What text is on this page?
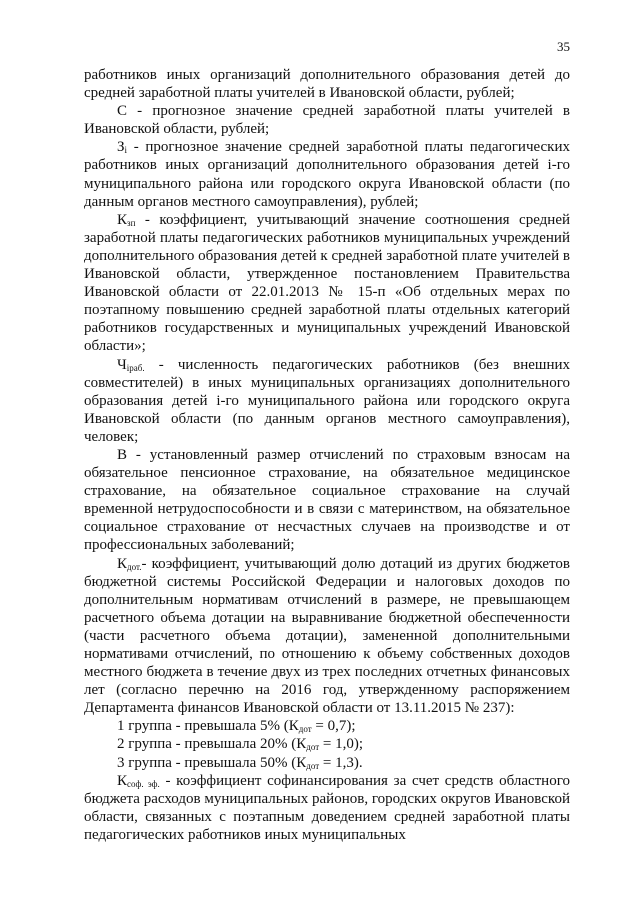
35

работников иных организаций дополнительного образования детей до средней заработной платы учителей в Ивановской области, рублей;

С - прогнозное значение средней заработной платы учителей в Ивановской области, рублей;

$З_i$ - прогнозное значение средней заработной платы педагогических работников иных организаций дополнительного образования детей i-го муниципального района или городского округа Ивановской области (по данным органов местного самоуправления), рублей;

$К_{зп}$ - коэффициент, учитывающий значение соотношения средней заработной платы педагогических работников муниципальных учреждений дополнительного образования детей к средней заработной плате учителей в Ивановской области, утвержденное постановлением Правительства Ивановской области от 22.01.2013 № 15-п «Об отдельных мерах по поэтапному повышению средней заработной платы отдельных категорий работников государственных и муниципальных учреждений Ивановской области»;

$Ч_{iраб.}$ - численность педагогических работников (без внешних совместителей) в иных муниципальных организациях дополнительного образования детей i-го муниципального района или городского округа Ивановской области (по данным органов местного самоуправления), человек;

В - установленный размер отчислений по страховым взносам на обязательное пенсионное страхование, на обязательное медицинское страхование, на обязательное социальное страхование на случай временной нетрудоспособности и в связи с материнством, на обязательное социальное страхование от несчастных случаев на производстве и от профессиональных заболеваний;

$К_{дот.}-$ коэффициент, учитывающий долю дотаций из других бюджетов бюджетной системы Российской Федерации и налоговых доходов по дополнительным нормативам отчислений в размере, не превышающем расчетного объема дотации на выравнивание бюджетной обеспеченности (части расчетного объема дотации), замененной дополнительными нормативами отчислений, по отношению к объему собственных доходов местного бюджета в течение двух из трех последних отчетных финансовых лет (согласно перечню на 2016 год, утвержденному распоряжением Департамента финансов Ивановской области от 13.11.2015 № 237):

1 группа - превышала 5% $(К_{дот} = 0,7)$;

2 группа - превышала 20% $(К_{дот} = 1,0)$;

3 группа - превышала 50% $(К_{дот} = 1,3)$.

$К_{соф. эф.}$ - коэффициент софинансирования за счет средств областного бюджета расходов муниципальных районов, городских округов Ивановской области, связанных с поэтапным доведением средней заработной платы педагогических работников иных муниципальных
